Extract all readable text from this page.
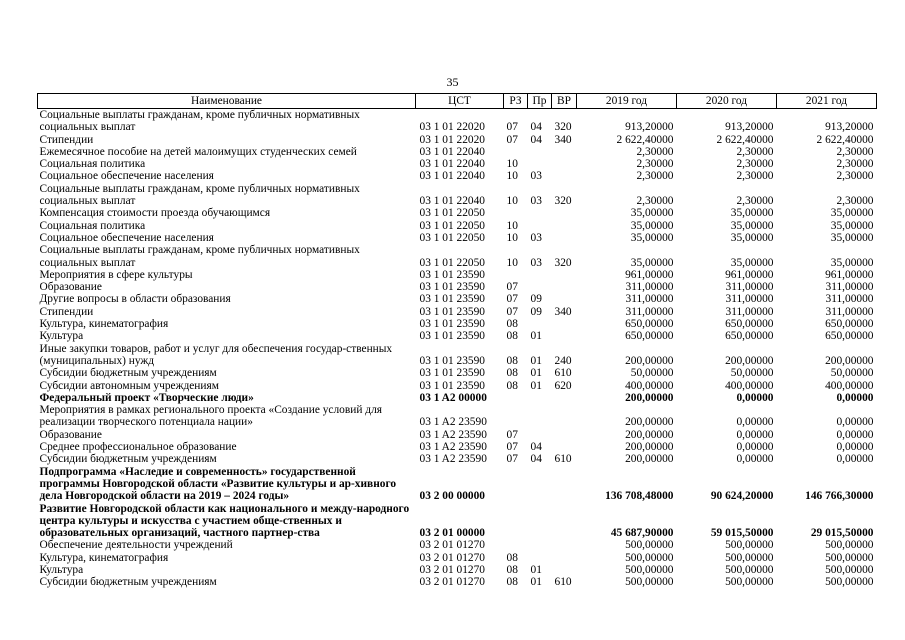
35
Наименование	ЦСТ	РЗ	Пр	ВР	2019 год	2020 год	2021 год
Социальные выплаты гражданам, кроме публичных нормативных социальных выплат	03 1 01 22020	07	04	320	913,20000	913,20000	913,20000
Стипендии	03 1 01 22020	07	04	340	2 622,40000	2 622,40000	2 622,40000
Ежемесячное пособие на детей малоимущих студенческих семей	03 1 01 22040				2,30000	2,30000	2,30000
Социальная политика	03 1 01 22040	10			2,30000	2,30000	2,30000
Социальное обеспечение населения	03 1 01 22040	10	03		2,30000	2,30000	2,30000
Социальные выплаты гражданам, кроме публичных нормативных социальных выплат	03 1 01 22040	10	03	320	2,30000	2,30000	2,30000
Компенсация стоимости проезда обучающимся	03 1 01 22050				35,00000	35,00000	35,00000
Социальная политика	03 1 01 22050	10			35,00000	35,00000	35,00000
Социальное обеспечение населения	03 1 01 22050	10	03		35,00000	35,00000	35,00000
Социальные выплаты гражданам, кроме публичных нормативных социальных выплат	03 1 01 22050	10	03	320	35,00000	35,00000	35,00000
Мероприятия в сфере культуры	03 1 01 23590				961,00000	961,00000	961,00000
Образование	03 1 01 23590	07			311,00000	311,00000	311,00000
Другие вопросы в области образования	03 1 01 23590	07	09		311,00000	311,00000	311,00000
Стипендии	03 1 01 23590	07	09	340	311,00000	311,00000	311,00000
Культура, кинематография	03 1 01 23590	08			650,00000	650,00000	650,00000
Культура	03 1 01 23590	08	01		650,00000	650,00000	650,00000
Иные закупки товаров, работ и услуг для обеспечения государ-ственных (муниципальных) нужд	03 1 01 23590	08	01	240	200,00000	200,00000	200,00000
Субсидии бюджетным учреждениям	03 1 01 23590	08	01	610	50,00000	50,00000	50,00000
Субсидии автономным учреждениям	03 1 01 23590	08	01	620	400,00000	400,00000	400,00000
Федеральный проект «Творческие люди»	03 1 A2 00000				200,00000	0,00000	0,00000
Мероприятия в рамках регионального проекта «Создание условий для реализации творческого потенциала нации»	03 1 A2 23590				200,00000	0,00000	0,00000
Образование	03 1 A2 23590	07			200,00000	0,00000	0,00000
Среднее профессиональное образование	03 1 A2 23590	07	04		200,00000	0,00000	0,00000
Субсидии бюджетным учреждениям	03 1 A2 23590	07	04	610	200,00000	0,00000	0,00000
Подпрограмма «Наследие и современность» государственной программы Новгородской области «Развитие культуры и ар-хивного дела Новгородской области на 2019 – 2024 годы»	03 2 00 00000				136 708,48000	90 624,20000	146 766,30000
Развитие Новгородской области как национального и между-народного центра культуры и искусства с участием обще-ственных и образовательных организаций, частного партнер-ства	03 2 01 00000				45 687,90000	59 015,50000	29 015,50000
Обеспечение деятельности учреждений	03 2 01 01270				500,00000	500,00000	500,00000
Культура, кинематография	03 2 01 01270	08			500,00000	500,00000	500,00000
Культура	03 2 01 01270	08	01		500,00000	500,00000	500,00000
Субсидии бюджетным учреждениям	03 2 01 01270	08	01	610	500,00000	500,00000	500,00000
